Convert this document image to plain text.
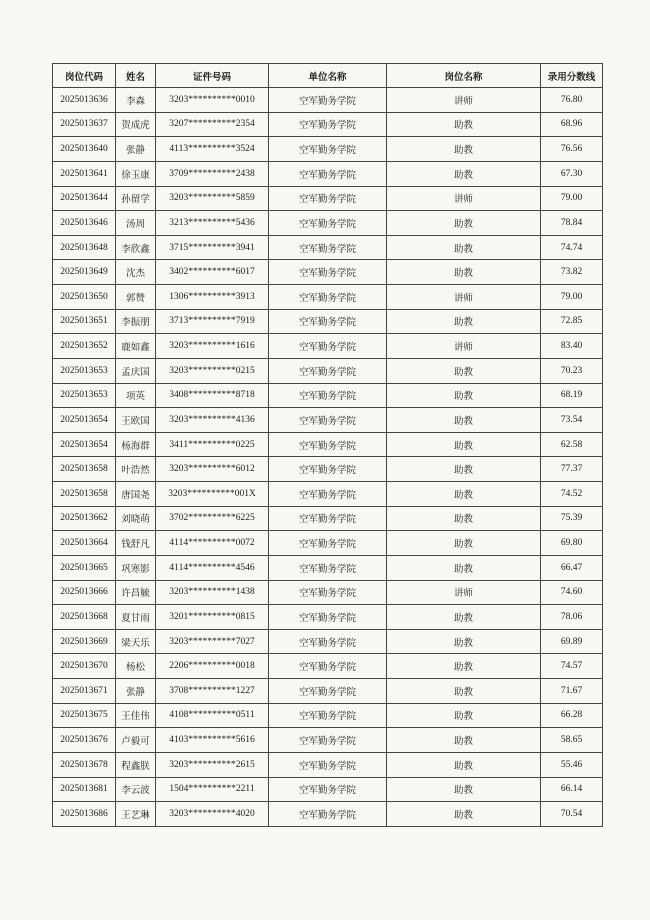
岗位代码	姓名	证件号码	单位名称	岗位名称	录用分数线
2025013636	李森	3203**********0010	空军勤务学院	讲师	76.80
2025013637	贺成虎	3207**********2354	空军勤务学院	助教	68.96
2025013640	张静	4113**********3524	空军勤务学院	助教	76.56
2025013641	徐玉康	3709**********2438	空军勤务学院	助教	67.30
2025013644	孙留学	3203**********5859	空军勤务学院	讲师	79.00
2025013646	汤周	3213**********5436	空军勤务学院	助教	78.84
2025013648	李欣鑫	3715**********3941	空军勤务学院	助教	74.74
2025013649	沈杰	3402**********6017	空军勤务学院	助教	73.82
2025013650	郭赞	1306**********3913	空军勤务学院	讲师	79.00
2025013651	李振朋	3713**********7919	空军勤务学院	助教	72.85
2025013652	鹿如鑫	3203**********1616	空军勤务学院	讲师	83.40
2025013653	孟庆国	3203**********0215	空军勤务学院	助教	70.23
2025013653	项英	3408**********8718	空军勤务学院	助教	68.19
2025013654	王欧国	3203**********4136	空军勤务学院	助教	73.54
2025013654	杨海群	3411**********0225	空军勤务学院	助教	62.58
2025013658	叶浩然	3203**********6012	空军勤务学院	助教	77.37
2025013658	唐国尧	3203**********001X	空军勤务学院	助教	74.52
2025013662	刘晓萌	3702**********6225	空军勤务学院	助教	75.39
2025013664	钱舒凡	4114**********0072	空军勤务学院	助教	69.80
2025013665	巩寒影	4114**********4546	空军勤务学院	助教	66.47
2025013666	许昌毓	3203**********1438	空军勤务学院	讲师	74.60
2025013668	夏甘雨	3201**********0815	空军勤务学院	助教	78.06
2025013669	梁天乐	3203**********7027	空军勤务学院	助教	69.89
2025013670	杨松	2206**********0018	空军勤务学院	助教	74.57
2025013671	张静	3708**********1227	空军勤务学院	助教	71.67
2025013675	王佳伟	4108**********0511	空军勤务学院	助教	66.28
2025013676	卢毅可	4103**********5616	空军勤务学院	助教	58.65
2025013678	程鑫朕	3203**********2615	空军勤务学院	助教	55.46
2025013681	李云波	1504**********2211	空军勤务学院	助教	66.14
2025013686	王艺琳	3203**********4020	空军勤务学院	助教	70.54
